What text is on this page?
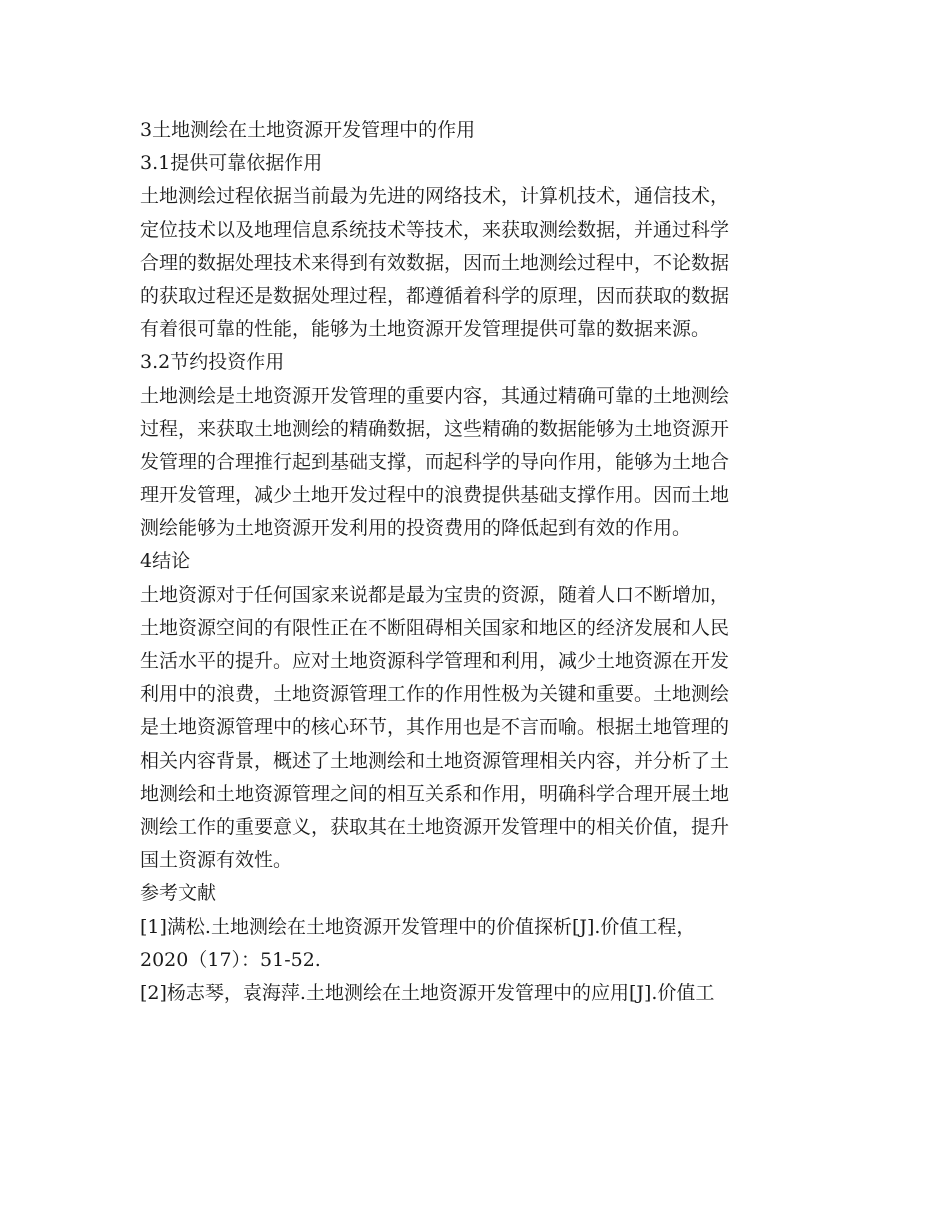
3土地测绘在土地资源开发管理中的作用
3.1提供可靠依据作用
土地测绘过程依据当前最为先进的网络技术，计算机技术，通信技术，
定位技术以及地理信息系统技术等技术，来获取测绘数据，并通过科学
合理的数据处理技术来得到有效数据，因而土地测绘过程中，不论数据
的获取过程还是数据处理过程，都遵循着科学的原理，因而获取的数据
有着很可靠的性能，能够为土地资源开发管理提供可靠的数据来源。
3.2节约投资作用
土地测绘是土地资源开发管理的重要内容，其通过精确可靠的土地测绘
过程，来获取土地测绘的精确数据，这些精确的数据能够为土地资源开
发管理的合理推行起到基础支撑，而起科学的导向作用，能够为土地合
理开发管理，减少土地开发过程中的浪费提供基础支撑作用。因而土地
测绘能够为土地资源开发利用的投资费用的降低起到有效的作用。
4结论
土地资源对于任何国家来说都是最为宝贵的资源，随着人口不断增加，
土地资源空间的有限性正在不断阻碍相关国家和地区的经济发展和人民
生活水平的提升。应对土地资源科学管理和利用，减少土地资源在开发
利用中的浪费，土地资源管理工作的作用性极为关键和重要。土地测绘
是土地资源管理中的核心环节，其作用也是不言而喻。根据土地管理的
相关内容背景，概述了土地测绘和土地资源管理相关内容，并分析了土
地测绘和土地资源管理之间的相互关系和作用，明确科学合理开展土地
测绘工作的重要意义，获取其在土地资源开发管理中的相关价值，提升
国土资源有效性。
参考文献
[1]满松.土地测绘在土地资源开发管理中的价值探析[J].价值工程，
2020（17）：51-52.
[2]杨志琴，袁海萍.土地测绘在土地资源开发管理中的应用[J].价值工
